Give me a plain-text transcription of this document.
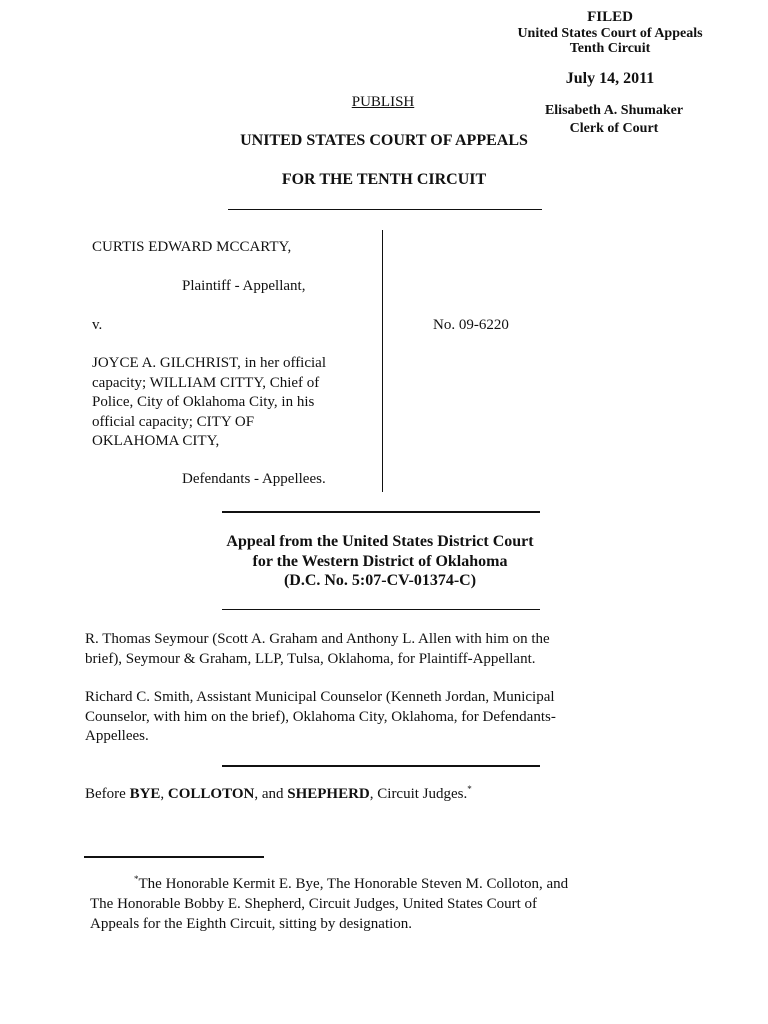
FILED
United States Court of Appeals
Tenth Circuit
July 14, 2011
Elisabeth A. Shumaker
Clerk of Court
PUBLISH
UNITED STATES COURT OF APPEALS
FOR THE TENTH CIRCUIT
CURTIS EDWARD MCCARTY,
Plaintiff - Appellant,
v.	No. 09-6220
JOYCE A. GILCHRIST, in her official
capacity; WILLIAM CITTY, Chief of
Police, City of Oklahoma City, in his
official capacity; CITY OF
OKLAHOMA CITY,
Defendants - Appellees.
Appeal from the United States District Court
for the Western District of Oklahoma
(D.C. No. 5:07-CV-01374-C)
R. Thomas Seymour (Scott A. Graham and Anthony L. Allen with him on the
brief), Seymour & Graham, LLP, Tulsa, Oklahoma, for Plaintiff-Appellant.
Richard C. Smith, Assistant Municipal Counselor (Kenneth Jordan, Municipal
Counselor, with him on the brief), Oklahoma City, Oklahoma, for Defendants-
Appellees.
Before BYE, COLLOTON, and SHEPHERD, Circuit Judges.*
*The Honorable Kermit E. Bye, The Honorable Steven M. Colloton, and
The Honorable Bobby E. Shepherd, Circuit Judges, United States Court of
Appeals for the Eighth Circuit, sitting by designation.
